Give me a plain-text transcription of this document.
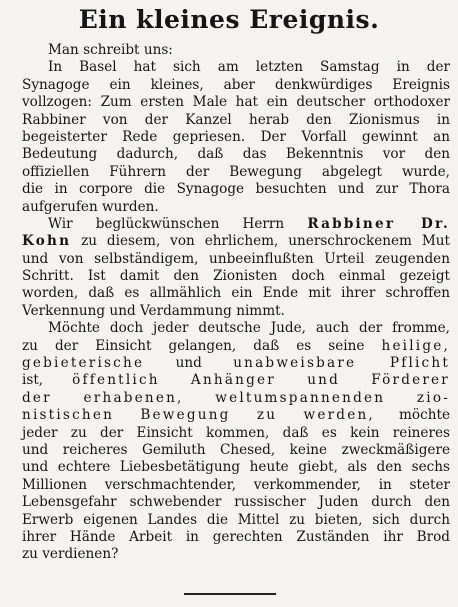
Ein kleines Ereignis.
Man schreibt uns:
In Basel hat sich am letzten Samstag in der
Synagoge ein kleines, aber denkwürdiges Ereignis
vollzogen: Zum ersten Male hat ein deutscher orthodoxer
Rabbiner von der Kanzel herab den Zionismus in
begeisterter Rede gepriesen. Der Vorfall gewinnt an
Bedeutung dadurch, daß das Bekenntnis vor den
offiziellen Führern der Bewegung abgelegt wurde,
die in corpore die Synagoge besuchten und zur Thora
aufgerufen wurden.
Wir beglückwünschen Herrn Rabbiner Dr.
Kohn zu diesem, von ehrlichem, unerschrockenem Mut
und von selbständigem, unbeeinflußten Urteil zeugenden
Schritt. Ist damit den Zionisten doch einmal gezeigt
worden, daß es allmählich ein Ende mit ihrer schroffen
Verkennung und Verdammung nimmt.
Möchte doch jeder deutsche Jude, auch der fromme,
zu der Einsicht gelangen, daß es seine heilige,
gebieterische und unabweisbare Pflicht
ist, öffentlich Anhänger und Förderer
der erhabenen, weltumspannenden zio-
nistischen Bewegung zu werden, möchte
jeder zu der Einsicht kommen, daß es kein reineres
und reicheres Gemiluth Chesed, keine zweckmäßigere
und echtere Liebesbetätigung heute giebt, als den sechs
Millionen verschmachtender, verkommender, in steter
Lebensgefahr schwebender russischer Juden durch den
Erwerb eigenen Landes die Mittel zu bieten, sich durch
ihrer Hände Arbeit in gerechten Zuständen ihr Brod
zu verdienen?
